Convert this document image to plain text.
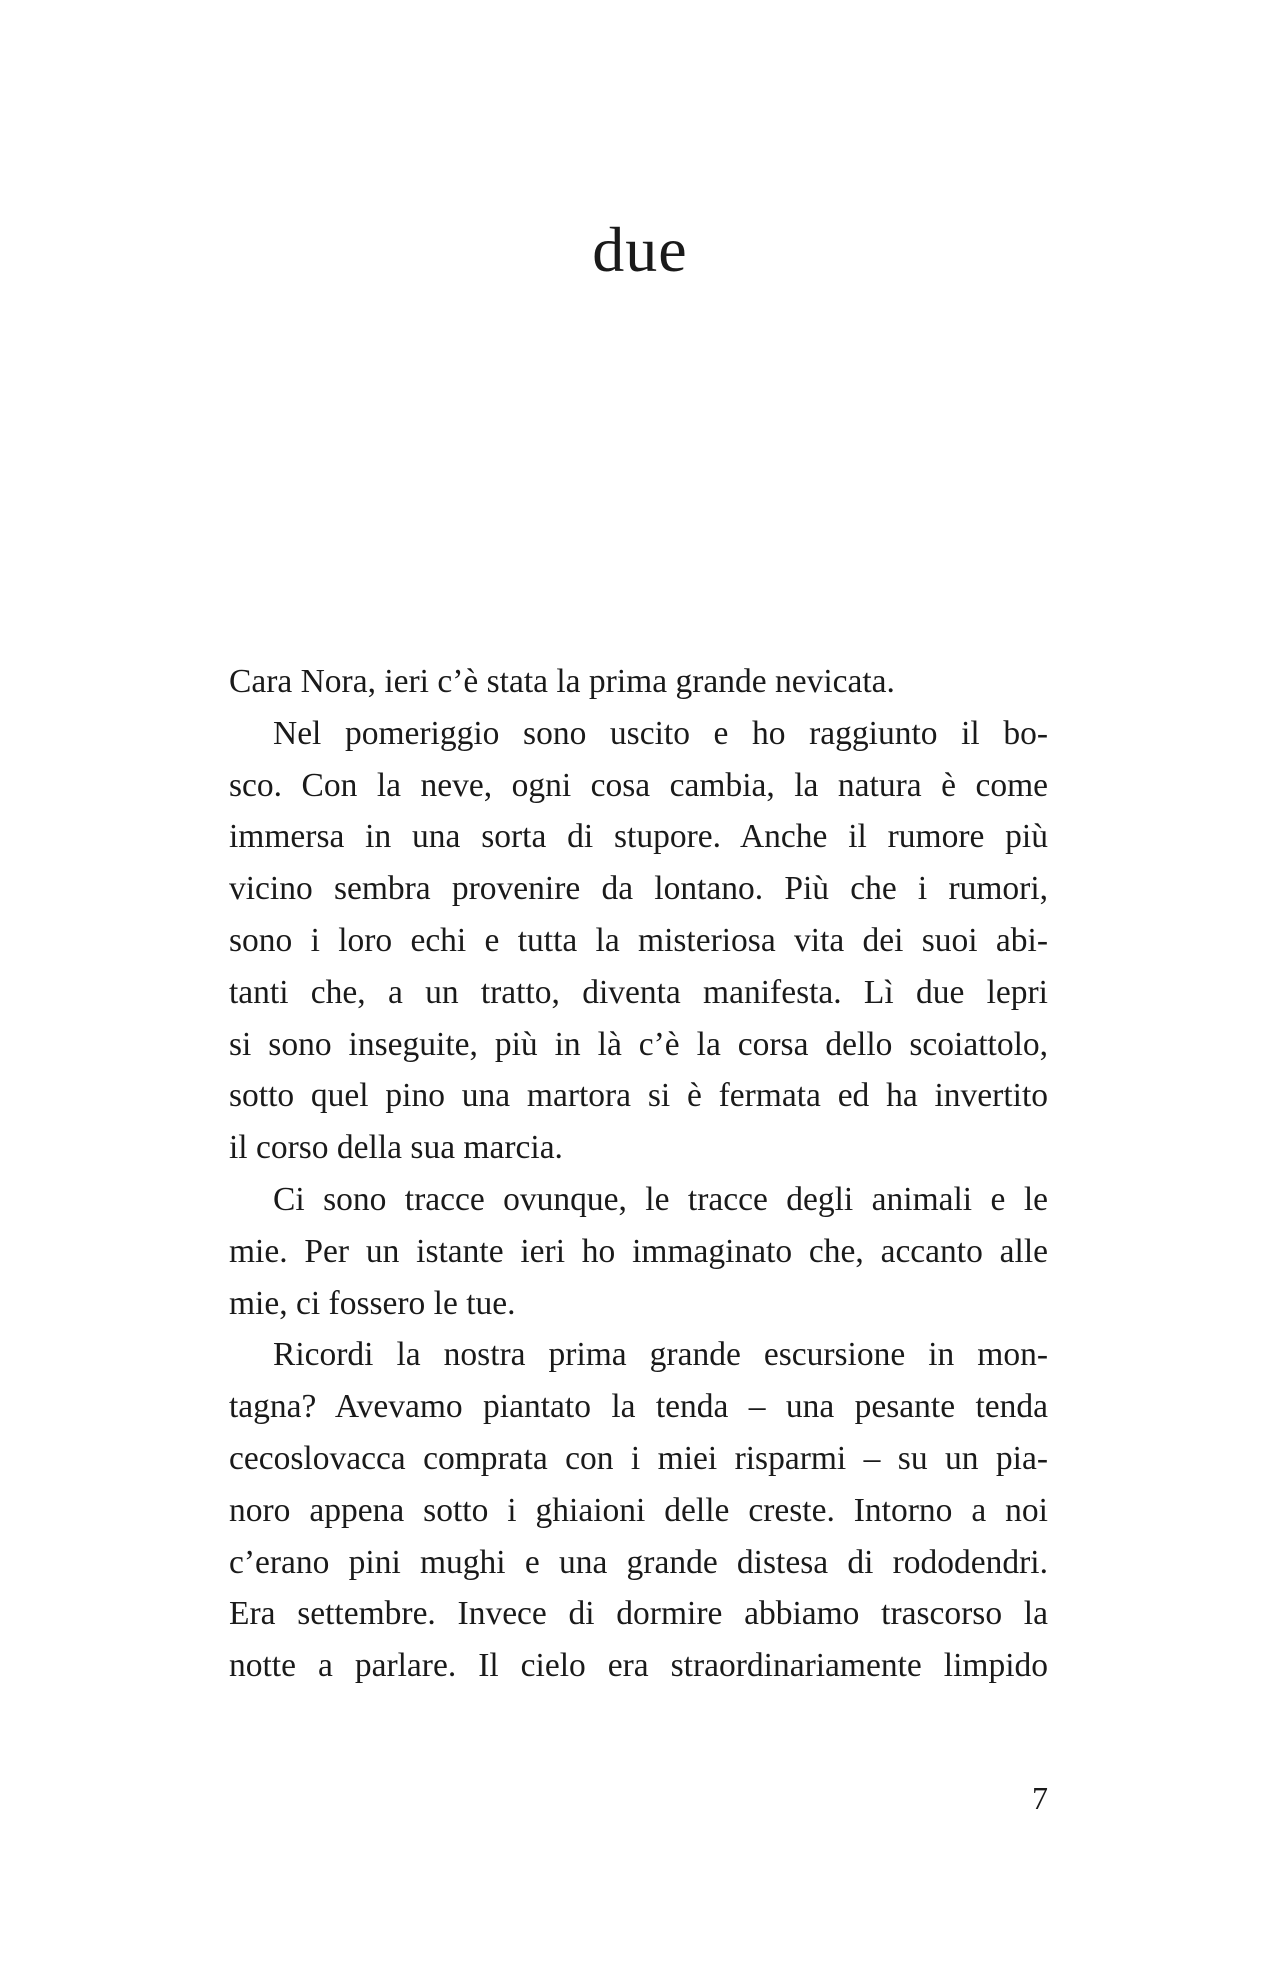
due
Cara Nora, ieri c’è stata la prima grande nevicata.
Nel pomeriggio sono uscito e ho raggiunto il bo-
sco. Con la neve, ogni cosa cambia, la natura è come
immersa in una sorta di stupore. Anche il rumore più
vicino sembra provenire da lontano. Più che i rumori,
sono i loro echi e tutta la misteriosa vita dei suoi abi-
tanti che, a un tratto, diventa manifesta. Lì due lepri
si sono inseguite, più in là c’è la corsa dello scoiattolo,
sotto quel pino una martora si è fermata ed ha invertito
il corso della sua marcia.
Ci sono tracce ovunque, le tracce degli animali e le
mie. Per un istante ieri ho immaginato che, accanto alle
mie, ci fossero le tue.
Ricordi la nostra prima grande escursione in mon-
tagna? Avevamo piantato la tenda – una pesante tenda
cecoslovacca comprata con i miei risparmi – su un pia-
noro appena sotto i ghiaioni delle creste. Intorno a noi
c’erano pini mughi e una grande distesa di rododendri.
Era settembre. Invece di dormire abbiamo trascorso la
notte a parlare. Il cielo era straordinariamente limpido
7
